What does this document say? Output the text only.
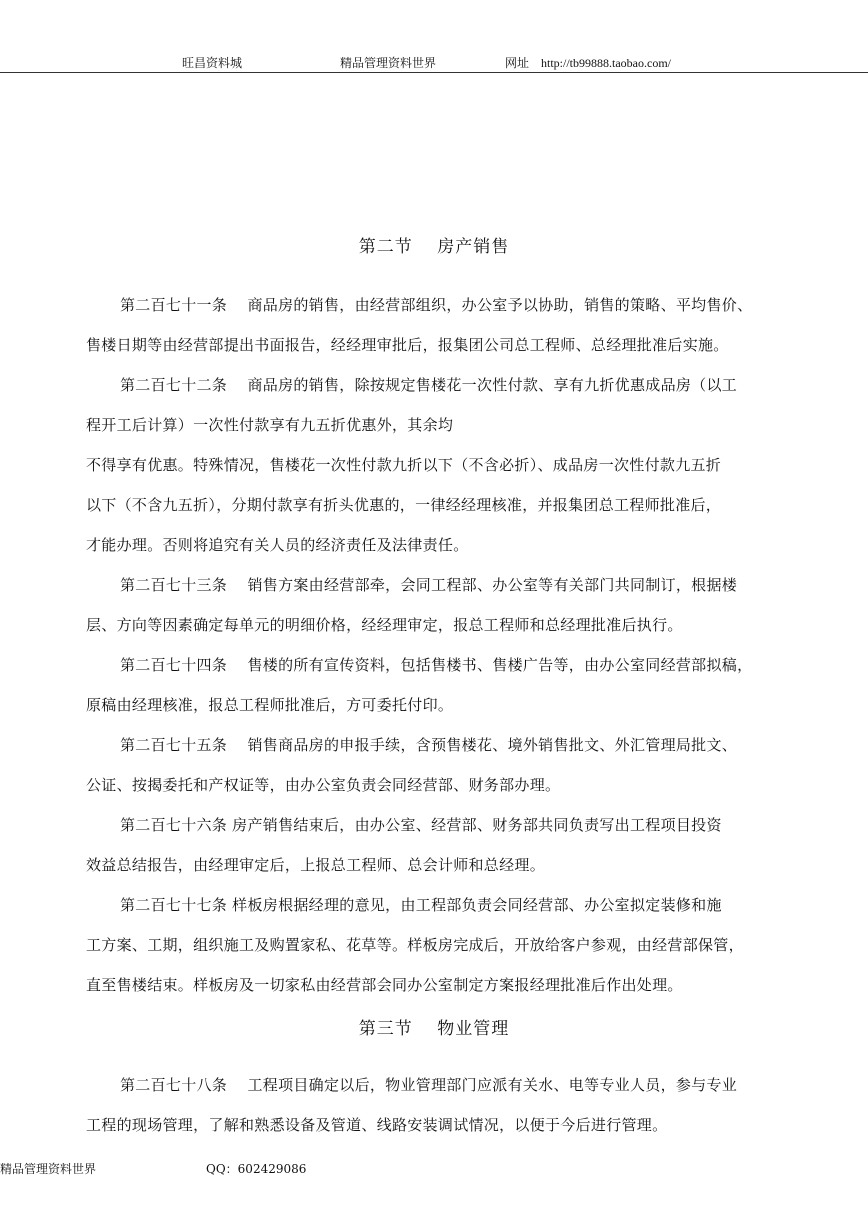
旺昌资料城	精品管理资料世界	网址 http://tb99888.taobao.com/
第二节　 房产销售
第二百七十一条　 商品房的销售，由经营部组织，办公室予以协助，销售的策略、平均售价、
售楼日期等由经营部提出书面报告，经经理审批后，报集团公司总工程师、总经理批准后实施。
第二百七十二条　 商品房的销售，除按规定售楼花一次性付款、享有九折优惠成品房（以工
程开工后计算）一次性付款享有九五折优惠外，其余均
不得享有优惠。特殊情况，售楼花一次性付款九折以下（不含必折）、成品房一次性付款九五折
以下（不含九五折），分期付款享有折头优惠的，一律经经理核准，并报集团总工程师批准后，
才能办理。否则将追究有关人员的经济责任及法律责任。
第二百七十三条　 销售方案由经营部牵，会同工程部、办公室等有关部门共同制订，根据楼
层、方向等因素确定每单元的明细价格，经经理审定，报总工程师和总经理批准后执行。
第二百七十四条　 售楼的所有宣传资料，包括售楼书、售楼广告等，由办公室同经营部拟稿，
原稿由经理核准，报总工程师批准后，方可委托付印。
第二百七十五条　 销售商品房的申报手续，含预售楼花、境外销售批文、外汇管理局批文、
公证、按揭委托和产权证等，由办公室负责会同经营部、财务部办理。
第二百七十六条 房产销售结束后，由办公室、经营部、财务部共同负责写出工程项目投资
效益总结报告，由经理审定后，上报总工程师、总会计师和总经理。
第二百七十七条 样板房根据经理的意见，由工程部负责会同经营部、办公室拟定装修和施
工方案、工期，组织施工及购置家私、花草等。样板房完成后，开放给客户参观，由经营部保管，
直至售楼结束。样板房及一切家私由经营部会同办公室制定方案报经理批准后作出处理。
第三节　 物业管理
第二百七十八条　 工程项目确定以后，物业管理部门应派有关水、电等专业人员，参与专业
工程的现场管理，了解和熟悉设备及管道、线路安装调试情况，以便于今后进行管理。
精品管理资料世界	QQ：602429086
